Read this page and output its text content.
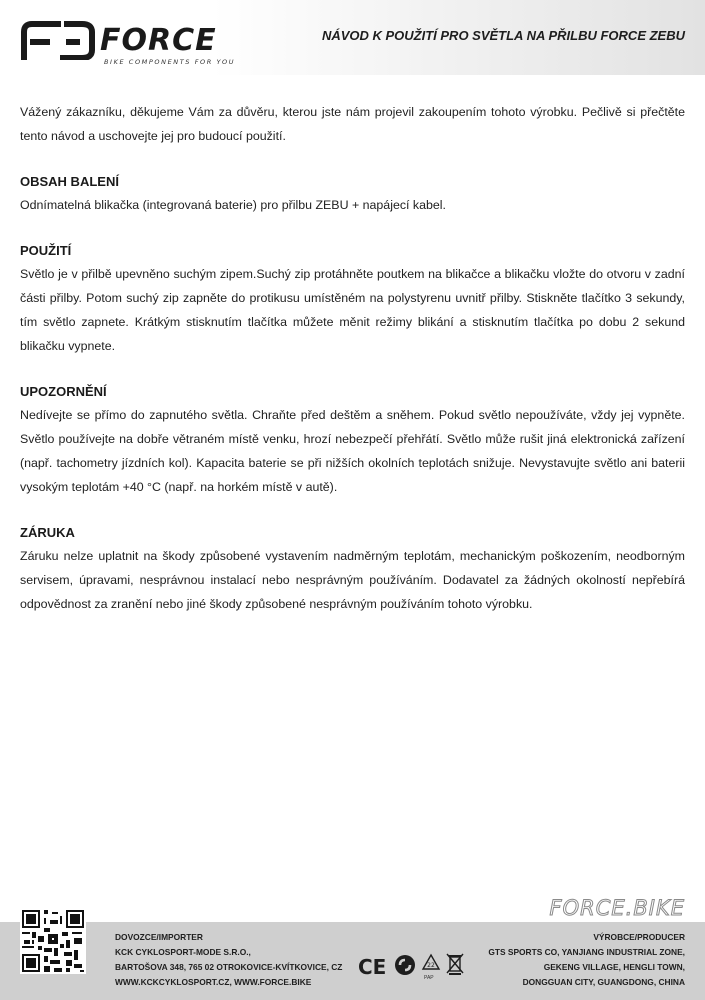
FORCE
BIKE COMPONENTS FOR YOU
NÁVOD K POUŽITÍ PRO SVĚTLA NA PŘILBU FORCE ZEBU

Vážený zákazníku, děkujeme Vám za důvěru, kterou jste nám projevil zakoupením tohoto výrobku. Pečlivě si přečtěte tento návod a uschovejte jej pro budoucí použití.

OBSAH BALENÍ

Odnímatelná blikačka (integrovaná baterie) pro přilbu ZEBU + napájecí kabel.

POUŽITÍ

Světlo je v přilbě upevněno suchým zipem.Suchý zip protáhněte poutkem na blikačce a blikačku vložte do otvoru v zadní části přilby. Potom suchý zip zapněte do protikusu umístěném na polystyrenu uvnitř přilby. Stiskněte tlačítko 3 sekundy, tím světlo zapnete. Krátkým stisknutím tlačítka můžete měnit režimy blikání a stisknutím tlačítka po dobu 2 sekund blikačku vypnete.

UPOZORNĚNÍ

Nedívejte se přímo do zapnutého světla. Chraňte před deštěm a sněhem. Pokud světlo nepoužíváte, vždy jej vypněte. Světlo používejte na dobře větraném místě venku, hrozí nebezpečí přehřátí. Světlo může rušit jiná elektronická zařízení (např. tachometry jízdních kol). Kapacita baterie se při nižších okolních teplotách snižuje. Nevystavujte světlo ani baterii vysokým teplotám +40 °C (např. na horkém místě v autě).

ZÁRUKA

Záruku nelze uplatnit na škody způsobené vystavením nadměrným teplotám, mechanickým poškozením, neodborným servisem, úpravami, nesprávnou instalací nebo nesprávným používáním. Dodavatel za žádných okolností nepřebírá odpovědnost za zranění nebo jiné škody způsobené nesprávným používáním tohoto výrobku.

FORCE.BIKE
DOVOZCE/IMPORTER
KCK CYKLOSPORT-MODE S.R.O.,
BARTOŠOVA 348, 765 02 OTROKOVICE-KVÍTKOVICE, CZ
WWW.KCKCYKLOSPORT.CZ, WWW.FORCE.BIKE
CE	22
PAP
VÝROBCE/PRODUCER
GTS SPORTS CO, YANJIANG INDUSTRIAL ZONE,
GEKENG VILLAGE, HENGLI TOWN,
DONGGUAN CITY, GUANGDONG, CHINA
